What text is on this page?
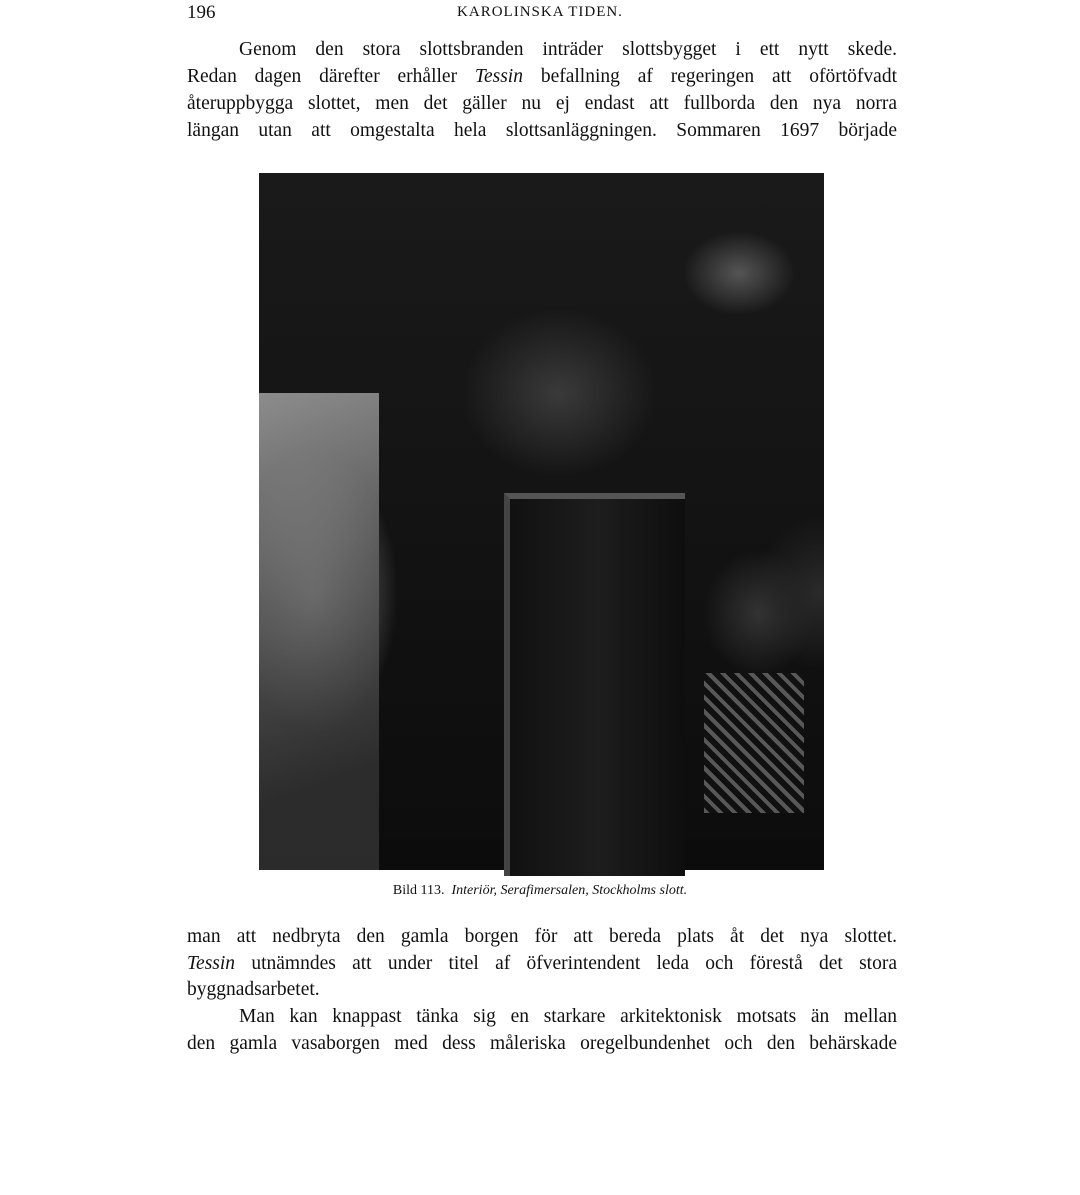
196	KAROLINSKA TIDEN.
Genom den stora slottsbranden inträder slottsbygget i ett nytt skede.
Redan dagen därefter erhåller Tessin befallning af regeringen att oförtöfvadt
återuppbygga slottet, men det gäller nu ej endast att fullborda den nya norra
längan utan att omgestalta hela slottsanläggningen. Sommaren 1697 började
Bild 113. Interiör, Serafimersalen, Stockholms slott.
man att nedbryta den gamla borgen för att bereda plats åt det nya slottet.
Tessin utnämndes att under titel af öfverintendent leda och förestå det stora
byggnadsarbetet.
Man kan knappast tänka sig en starkare arkitektonisk motsats än mellan
den gamla vasaborgen med dess måleriska oregelbundenhet och den behärskade
